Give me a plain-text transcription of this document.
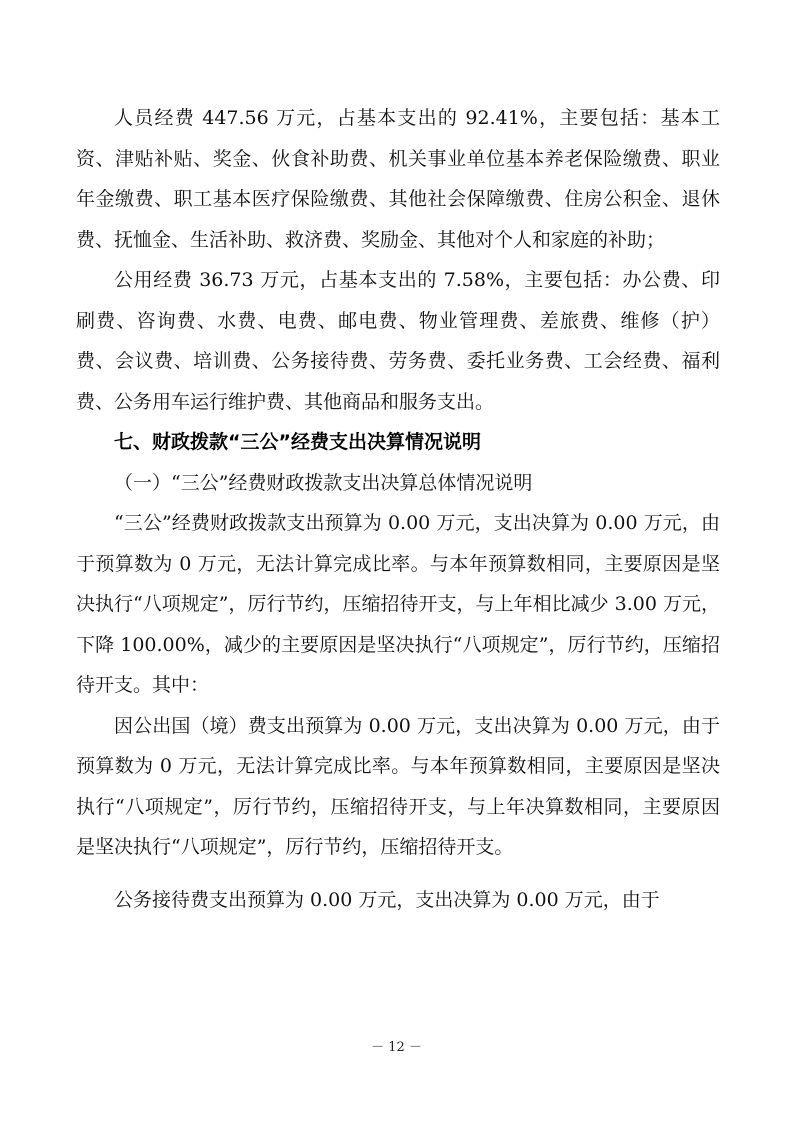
人员经费 447.56 万元，占基本支出的 92.41%，主要包括：基本工资、津贴补贴、奖金、伙食补助费、机关事业单位基本养老保险缴费、职业年金缴费、职工基本医疗保险缴费、其他社会保障缴费、住房公积金、退休费、抚恤金、生活补助、救济费、奖励金、其他对个人和家庭的补助；

公用经费 36.73 万元，占基本支出的 7.58%，主要包括：办公费、印刷费、咨询费、水费、电费、邮电费、物业管理费、差旅费、维修（护）费、会议费、培训费、公务接待费、劳务费、委托业务费、工会经费、福利费、公务用车运行维护费、其他商品和服务支出。

七、财政拨款“三公”经费支出决算情况说明

（一）“三公”经费财政拨款支出决算总体情况说明

“三公”经费财政拨款支出预算为 0.00 万元，支出决算为 0.00 万元，由于预算数为 0 万元，无法计算完成比率。与本年预算数相同，主要原因是坚决执行“八项规定”，厉行节约，压缩招待开支，与上年相比减少 3.00 万元，下降 100.00%，减少的主要原因是坚决执行“八项规定”，厉行节约，压缩招待开支。其中：

因公出国（境）费支出预算为 0.00 万元，支出决算为 0.00 万元，由于预算数为 0 万元，无法计算完成比率。与本年预算数相同，主要原因是坚决执行“八项规定”，厉行节约，压缩招待开支，与上年决算数相同，主要原因是坚决执行“八项规定”，厉行节约，压缩招待开支。

公务接待费支出预算为 0.00 万元，支出决算为 0.00 万元，由于

－ 12 －
